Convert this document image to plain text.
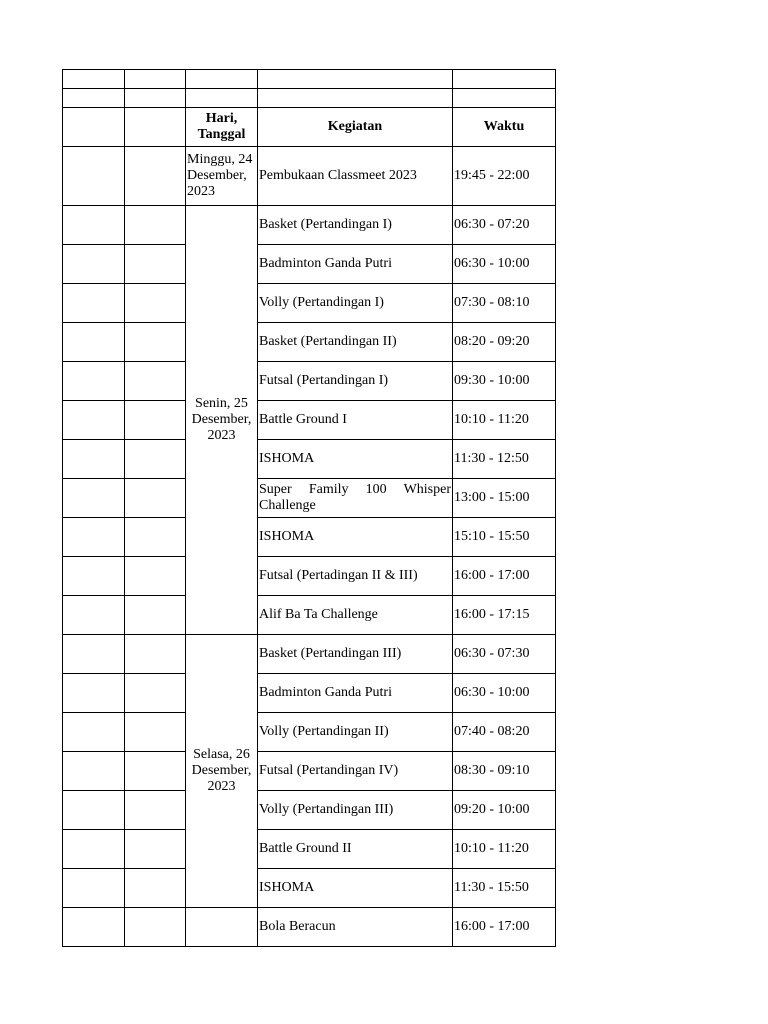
		Hari, Tanggal	Kegiatan	Waktu
		Minggu, 24 Desember, 2023	Pembukaan Classmeet 2023	19:45 - 22:00
		Senin, 25 Desember, 2023	Basket (Pertandingan I)	06:30 - 07:20
			Badminton Ganda Putri	06:30 - 10:00
			Volly (Pertandingan I)	07:30 - 08:10
			Basket (Pertandingan II)	08:20 - 09:20
			Futsal (Pertandingan I)	09:30 - 10:00
			Battle Ground I	10:10 - 11:20
			ISHOMA	11:30 - 12:50
			Super Family 100 Whisper Challenge	13:00 - 15:00
			ISHOMA	15:10 - 15:50
			Futsal (Pertadingan II & III)	16:00 - 17:00
			Alif Ba Ta Challenge	16:00 - 17:15
		Selasa, 26 Desember, 2023	Basket (Pertandingan III)	06:30 - 07:30
			Badminton Ganda Putri	06:30 - 10:00
			Volly (Pertandingan II)	07:40 - 08:20
			Futsal (Pertandingan IV)	08:30 - 09:10
			Volly (Pertandingan III)	09:20 - 10:00
			Battle Ground II	10:10 - 11:20
			ISHOMA	11:30 - 15:50
			Bola Beracun	16:00 - 17:00
